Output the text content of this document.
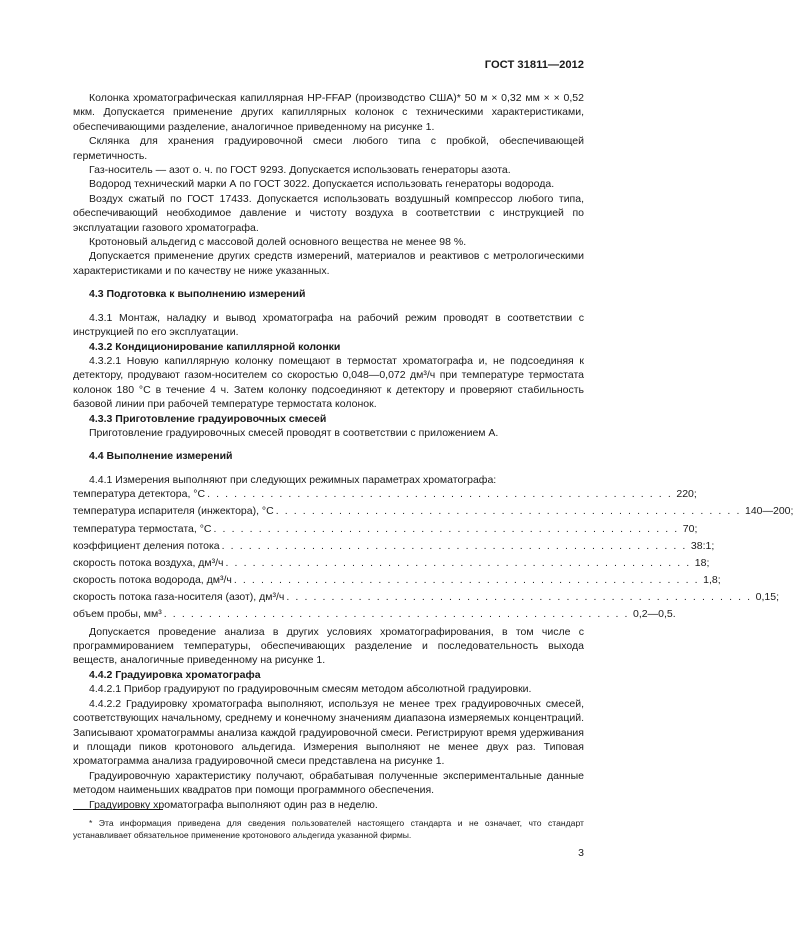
ГОСТ 31811—2012

Колонка хроматографическая капиллярная HP-FFAP (производство США)* 50 м × 0,32 мм × × 0,52 мкм. Допускается применение других капиллярных колонок с техническими характеристиками, обеспечивающими разделение, аналогичное приведенному на рисунке 1.

Склянка для хранения градуировочной смеси любого типа с пробкой, обеспечивающей герметичность.

Газ-носитель — азот о. ч. по ГОСТ 9293. Допускается использовать генераторы азота.

Водород технический марки А по ГОСТ 3022. Допускается использовать генераторы водорода.

Воздух сжатый по ГОСТ 17433. Допускается использовать воздушный компрессор любого типа, обеспечивающий необходимое давление и чистоту воздуха в соответствии с инструкцией по эксплуатации газового хроматографа.

Кротоновый альдегид с массовой долей основного вещества не менее 98 %.

Допускается применение других средств измерений, материалов и реактивов с метрологическими характеристиками и по качеству не ниже указанных.

4.3 Подготовка к выполнению измерений

4.3.1 Монтаж, наладку и вывод хроматографа на рабочий режим проводят в соответствии с инструкцией по его эксплуатации.

4.3.2 Кондиционирование капиллярной колонки

4.3.2.1 Новую капиллярную колонку помещают в термостат хроматографа и, не подсоединяя к детектору, продувают газом-носителем со скоростью 0,048—0,072 дм³/ч при температуре термостата колонок 180 °С в течение 4 ч. Затем колонку подсоединяют к детектору и проверяют стабильность базовой линии при рабочей температуре термостата колонок.

4.3.3 Приготовление градуировочных смесей

Приготовление градуировочных смесей проводят в соответствии с приложением А.

4.4 Выполнение измерений

4.4.1 Измерения выполняют при следующих режимных параметрах хроматографа:

температура детектора, °С . . . . . . . . . . . . . . . . . . . . . . . . . . . . . . . . . . . . . . . . . . . . . . . . . . . . 220;
температура испарителя (инжектора), °С . . . . . . . . . . . . . . . . . . . . . . . . . . . . . . . . . . . . . . . . . . . . . . . . . . . . 140—200;
температура термостата, °С . . . . . . . . . . . . . . . . . . . . . . . . . . . . . . . . . . . . . . . . . . . . . . . . . . . . 70;
коэффициент деления потока . . . . . . . . . . . . . . . . . . . . . . . . . . . . . . . . . . . . . . . . . . . . . . . . . . . . 38:1;
скорость потока воздуха, дм³/ч . . . . . . . . . . . . . . . . . . . . . . . . . . . . . . . . . . . . . . . . . . . . . . . . . . . . 18;
скорость потока водорода, дм³/ч . . . . . . . . . . . . . . . . . . . . . . . . . . . . . . . . . . . . . . . . . . . . . . . . . . . . 1,8;
скорость потока газа-носителя (азот), дм³/ч . . . . . . . . . . . . . . . . . . . . . . . . . . . . . . . . . . . . . . . . . . . . . . . . . . . . 0,15;
объем пробы, мм³ . . . . . . . . . . . . . . . . . . . . . . . . . . . . . . . . . . . . . . . . . . . . . . . . . . . . 0,2—0,5.

Допускается проведение анализа в других условиях хроматографирования, в том числе с программированием температуры, обеспечивающих разделение и последовательность выхода веществ, аналогичные приведенному на рисунке 1.

4.4.2 Градуировка хроматографа

4.4.2.1 Прибор градуируют по градуировочным смесям методом абсолютной градуировки.

4.4.2.2 Градуировку хроматографа выполняют, используя не менее трех градуировочных смесей, соответствующих начальному, среднему и конечному значениям диапазона измеряемых концентраций. Записывают хроматограммы анализа каждой градуировочной смеси. Регистрируют время удерживания и площади пиков кротонового альдегида. Измерения выполняют не менее двух раз. Типовая хроматограмма анализа градуировочной смеси представлена на рисунке 1.

Градуировочную характеристику получают, обрабатывая полученные экспериментальные данные методом наименьших квадратов при помощи программного обеспечения.

Градуировку хроматографа выполняют один раз в неделю.

* Эта информация приведена для сведения пользователей настоящего стандарта и не означает, что стандарт устанавливает обязательное применение кротонового альдегида указанной фирмы.
3
